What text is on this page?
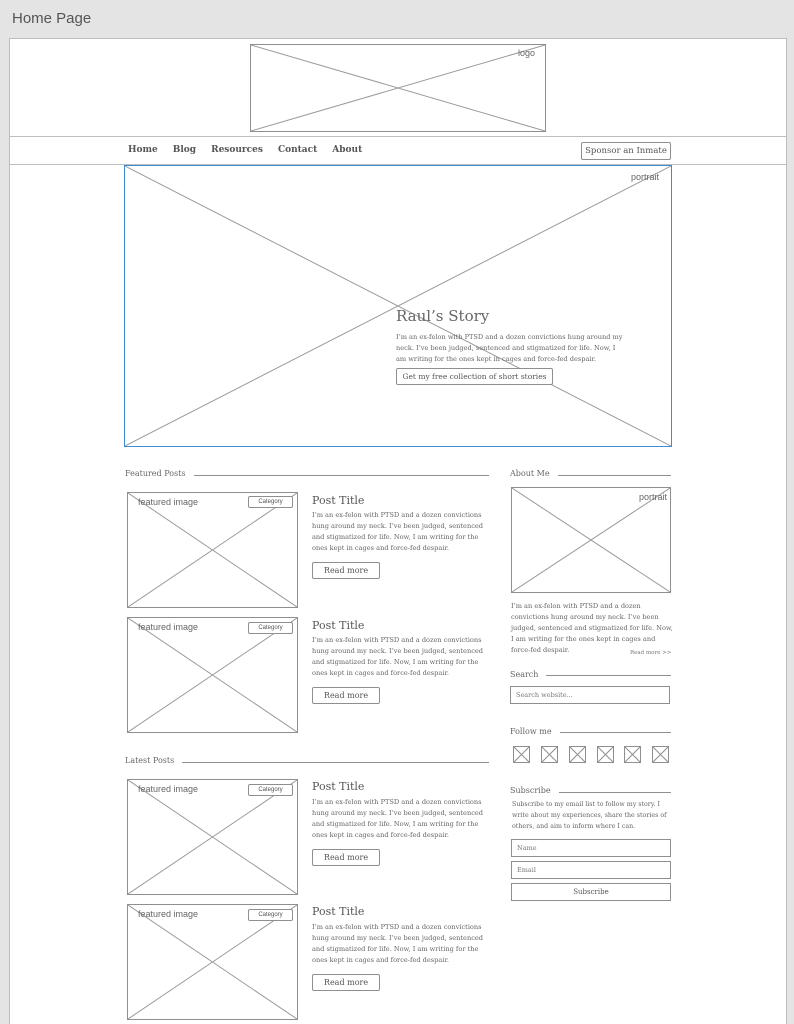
Home Page
logo
Home Blog Resources Contact About	Sponsor an Inmate
portrait
Raul’s Story
I’m an ex-felon with PTSD and a dozen convictions hung around my neck. I’ve been judged, sentenced and stigmatized for life. Now, I am writing for the ones kept in cages and force-fed despair.
Get my free collection of short stories
Featured Posts
featured image	Category	Post Title
I’m an ex-felon with PTSD and a dozen convictions hung around my neck. I’ve been judged, sentenced and stigmatized for life. Now, I am writing for the ones kept in cages and force-fed despair.
Read more
featured image	Category	Post Title
I’m an ex-felon with PTSD and a dozen convictions hung around my neck. I’ve been judged, sentenced and stigmatized for life. Now, I am writing for the ones kept in cages and force-fed despair.
Read more
Latest Posts
featured image	Category	Post Title
I’m an ex-felon with PTSD and a dozen convictions hung around my neck. I’ve been judged, sentenced and stigmatized for life. Now, I am writing for the ones kept in cages and force-fed despair.
Read more
featured image	Category	Post Title
I’m an ex-felon with PTSD and a dozen convictions hung around my neck. I’ve been judged, sentenced and stigmatized for life. Now, I am writing for the ones kept in cages and force-fed despair.
Read more
About Me
portrait
I’m an ex-felon with PTSD and a dozen convictions hung around my neck. I’ve been judged, sentenced and stigmatized for life. Now, I am writing for the ones kept in cages and force-fed despair.	Read more >>
Search
Search website...
Follow me
Subscribe
Subscribe to my email list to follow my story. I write about my experiences, share the stories of others, and aim to inform where I can.
Name
Email
Subscribe
